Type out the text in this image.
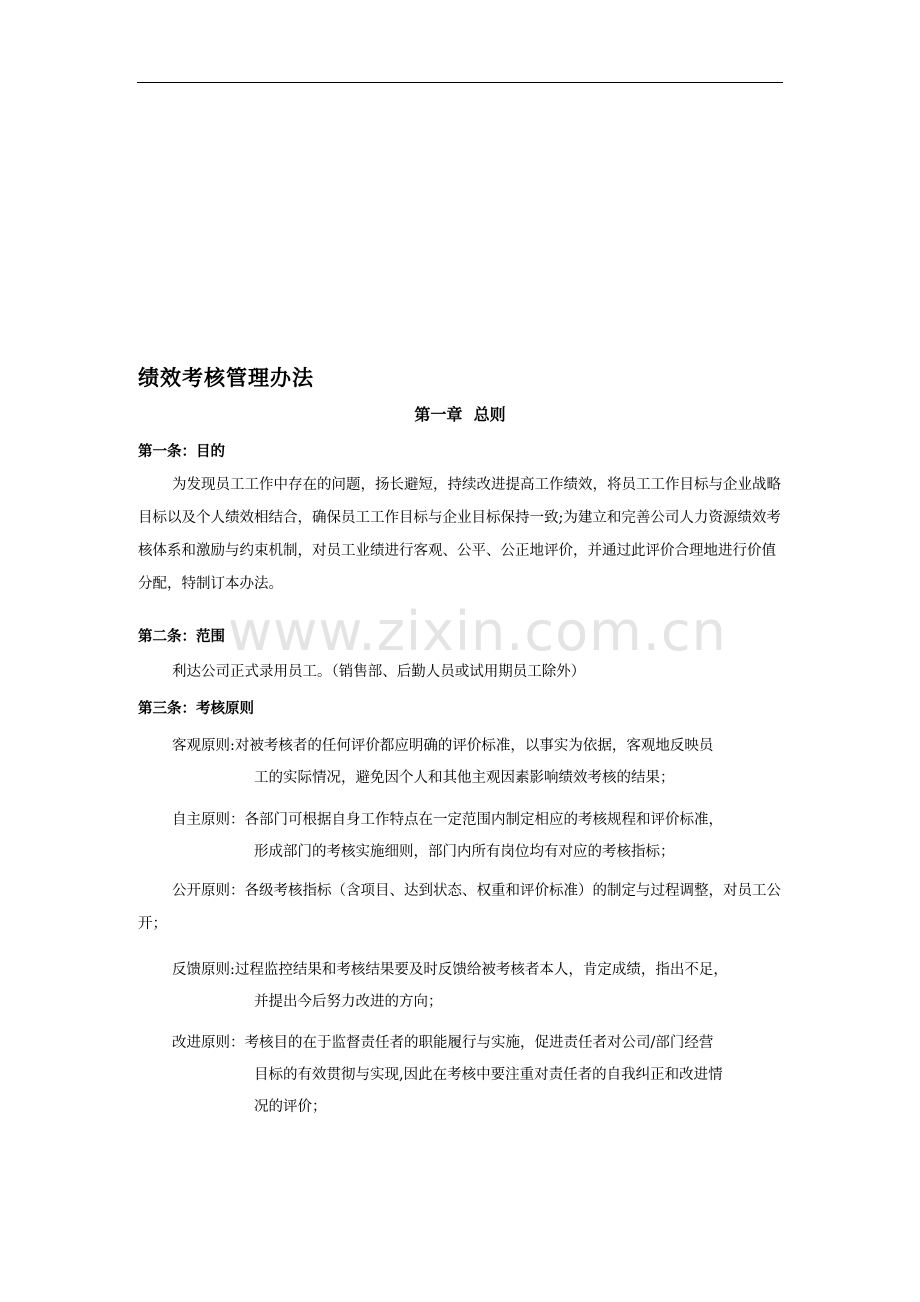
www.zixin.com.cn
绩效考核管理办法
第一章  总则
第一条：目的

为发现员工工作中存在的问题，扬长避短，持续改进提高工作绩效，将员工工作目标与企业战略目标以及个人绩效相结合，确保员工工作目标与企业目标保持一致;为建立和完善公司人力资源绩效考核体系和激励与约束机制，对员工业绩进行客观、公平、公正地评价，并通过此评价合理地进行价值分配，特制订本办法。

第二条：范围
利达公司正式录用员工。（销售部、后勤人员或试用期员工除外）
第三条：考核原则
客观原则:对被考核者的任何评价都应明确的评价标准，以事实为依据，客观地反映员
工的实际情况，避免因个人和其他主观因素影响绩效考核的结果；
自主原则：各部门可根据自身工作特点在一定范围内制定相应的考核规程和评价标准，
形成部门的考核实施细则，部门内所有岗位均有对应的考核指标；

公开原则：各级考核指标（含项目、达到状态、权重和评价标准）的制定与过程调整，对员工公开；

反馈原则:过程监控结果和考核结果要及时反馈给被考核者本人，肯定成绩，指出不足，
并提出今后努力改进的方向；
改进原则：考核目的在于监督责任者的职能履行与实施，促进责任者对公司/部门经营
目标的有效贯彻与实现,因此在考核中要注重对责任者的自我纠正和改进情
况的评价；
